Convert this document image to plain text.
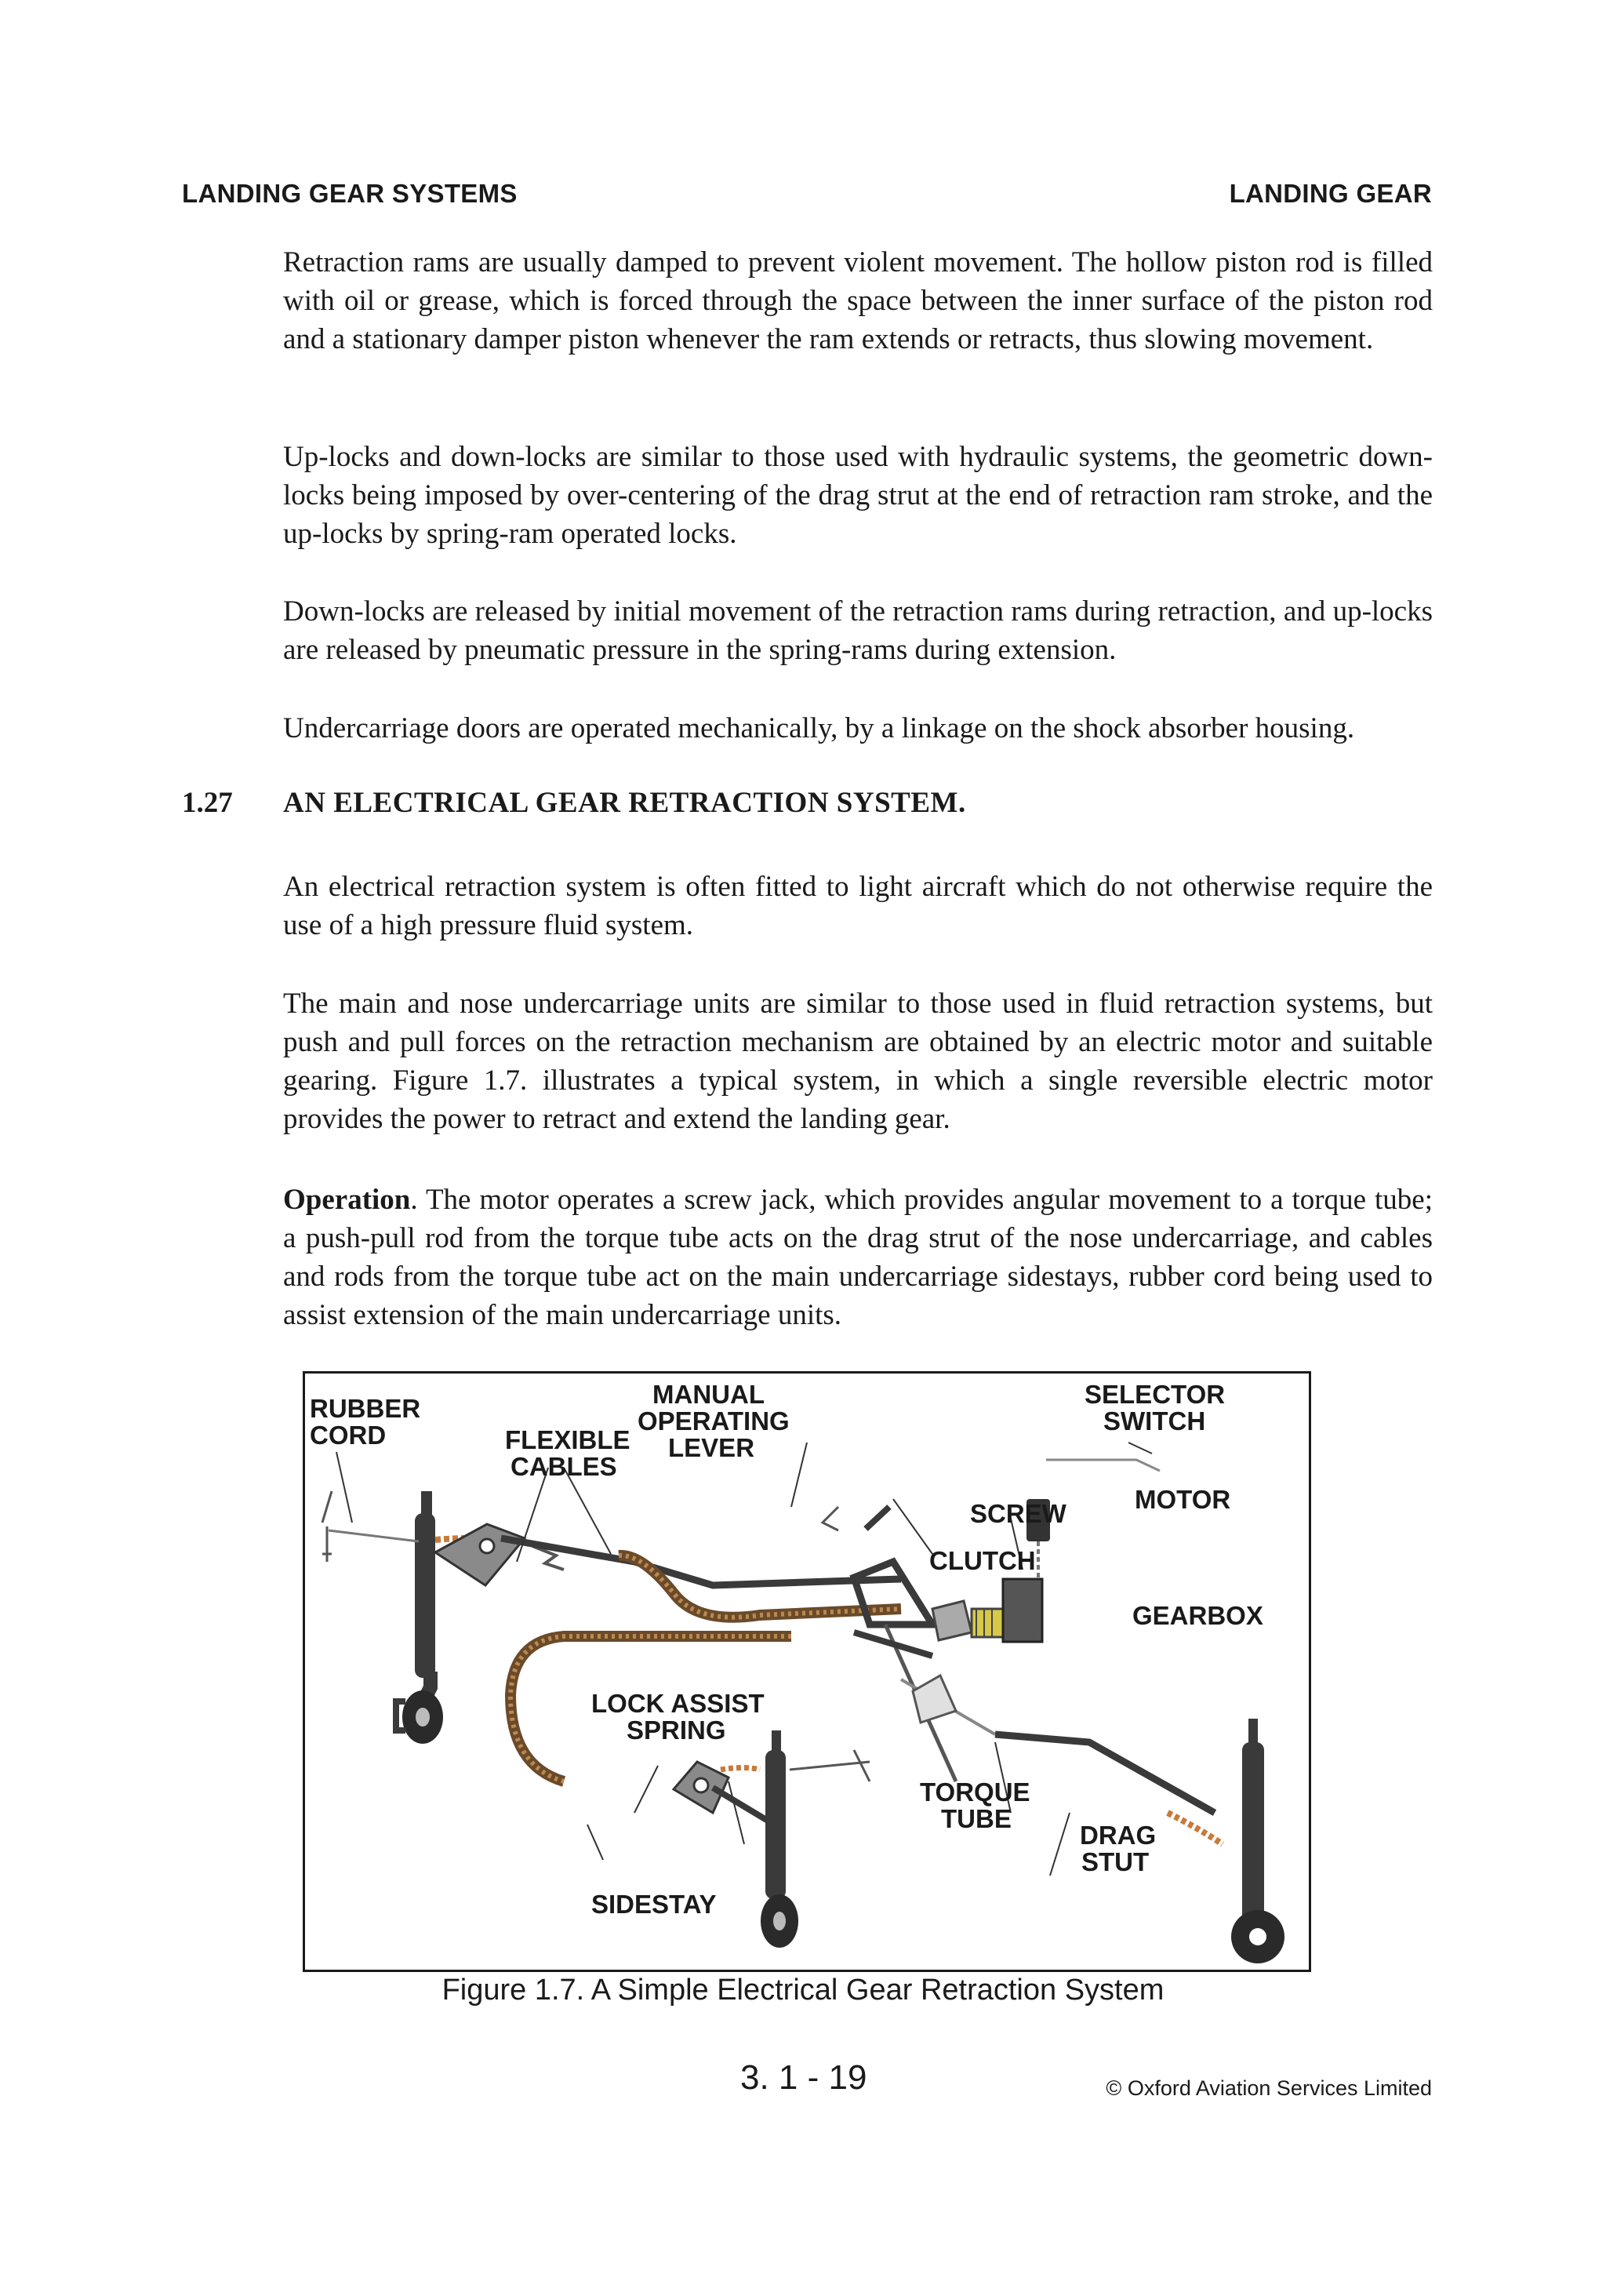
LANDING GEAR SYSTEMS	LANDING GEAR

Retraction rams are usually damped to prevent violent movement. The hollow piston rod is filled with oil or grease, which is forced through the space between the inner surface of the piston rod and a stationary damper piston whenever the ram extends or retracts, thus slowing movement.

Up-locks and down-locks are similar to those used with hydraulic systems, the geometric down-locks being imposed by over-centering of the drag strut at the end of retraction ram stroke, and the up-locks by spring-ram operated locks.

Down-locks are released by initial movement of the retraction rams during retraction, and up-locks are released by pneumatic pressure in the spring-rams during extension.

Undercarriage doors are operated mechanically, by a linkage on the shock absorber housing.

1.27 AN ELECTRICAL GEAR RETRACTION SYSTEM.

An electrical retraction system is often fitted to light aircraft which do not otherwise require the use of a high pressure fluid system.

The main and nose undercarriage units are similar to those used in fluid retraction systems, but push and pull forces on the retraction mechanism are obtained by an electric motor and suitable gearing. Figure 1.7. illustrates a typical system, in which a single reversible electric motor provides the power to retract and extend the landing gear.

Operation. The motor operates a screw jack, which provides angular movement to a torque tube; a push-pull rod from the torque tube acts on the drag strut of the nose undercarriage, and cables and rods from the torque tube act on the main undercarriage sidestays, rubber cord being used to assist extension of the main undercarriage units.

RUBBER
CORD	FLEXIBLE
CABLES
MANUAL
OPERATING
LEVER
SELECTOR
SWITCH
MOTOR
SCREW
CLUTCH
GEARBOX
LOCK ASSIST
SPRING
TORQUE
TUBE
DRAG
STUT
SIDESTAY
Figure 1.7. A Simple Electrical Gear Retraction System
3. 1 - 19	© Oxford Aviation Services Limited
